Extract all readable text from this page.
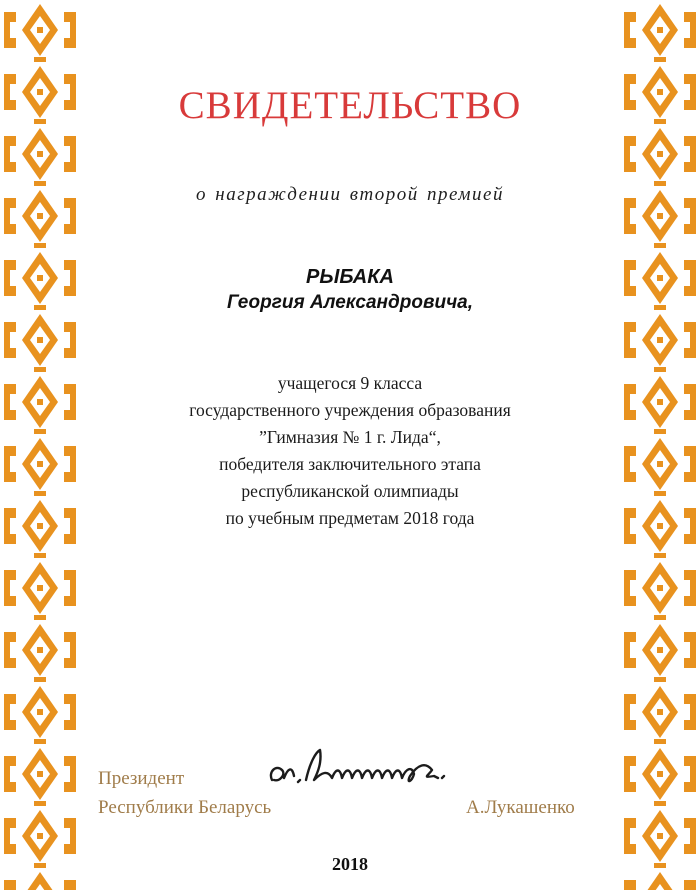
СВИДЕТЕЛЬСТВО
о награждении второй премией
РЫБАКА
Георгия Александровича,
учащегося 9 класса
государственного учреждения образования
”Гимназия № 1 г. Лида“,
победителя заключительного этапа
республиканской олимпиады
по учебным предметам 2018 года
Президент
Республики Беларусь	А.Лукашенко
2018
